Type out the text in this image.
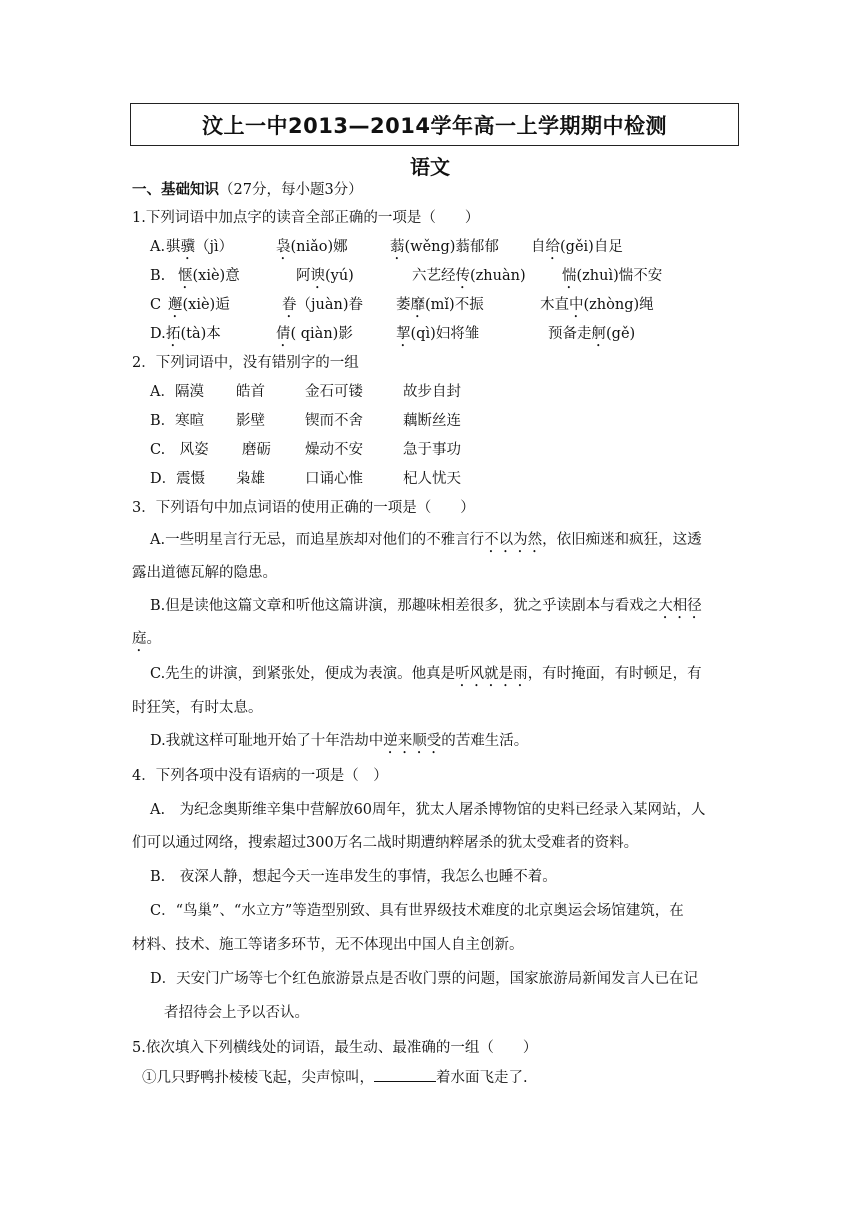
汶上一中2013—2014学年高一上学期期中检测
语文
一、基础知识（27分，每小题3分）
1.下列词语中加点字的读音全部正确的一项是（　　）
A. 骐骥（jì）	袅(niǎo)娜	蓊(wěng)蓊郁郁 自给(gěi)自足
B. 惬(xiè)意	阿谀(yú)	六艺经传(zhuàn)	惴(zhuì)惴不安
C 邂(xiè)逅	眷（juàn)眷 萎靡(mǐ)不振	木直中(zhòng)绳
D. 拓(tà)本	倩( qiàn)影	挈(qì)妇将雏	预备走舸(gě)
2．下列词语中，没有错别字的一组
A．隔漠 皓首	金石可镂	故步自封
B．寒暄 影壁	锲而不舍	藕断丝连
C.　风姿 磨砺 燥动不安	急于事功
D．震慑 枭雄	口诵心惟	杞人忧天
3．下列语句中加点词语的使用正确的一项是（　　）
A.一些明星言行无忌，而追星族却对他们的不雅言行不以为然，依旧痴迷和疯狂，这透
露出道德瓦解的隐患。
B.但是读他这篇文章和听他这篇讲演，那趣味相差很多，犹之乎读剧本与看戏之大相径
庭。
C.先生的讲演，到紧张处，便成为表演。他真是听风就是雨，有时掩面，有时顿足，有
时狂笑，有时太息。
D.我就这样可耻地开始了十年浩劫中逆来顺受的苦难生活。
4．下列各项中没有语病的一项是（　）
A.　为纪念奥斯维辛集中营解放60周年，犹太人屠杀博物馆的史料已经录入某网站，人
们可以通过网络，搜索超过300万名二战时期遭纳粹屠杀的犹太受难者的资料。
B.　夜深人静，想起今天一连串发生的事情，我怎么也睡不着。
C．“鸟巢”、“水立方”等造型别致、具有世界级技术难度的北京奥运会场馆建筑，在
材料、技术、施工等诸多环节，无不体现出中国人自主创新。
D．天安门广场等七个红色旅游景点是否收门票的问题，国家旅游局新闻发言人已在记
者招待会上予以否认。
5.依次填入下列横线处的词语，最生动、最准确的一组（　　）
①几只野鸭扑棱棱飞起，尖声惊叫，	着水面飞走了.
